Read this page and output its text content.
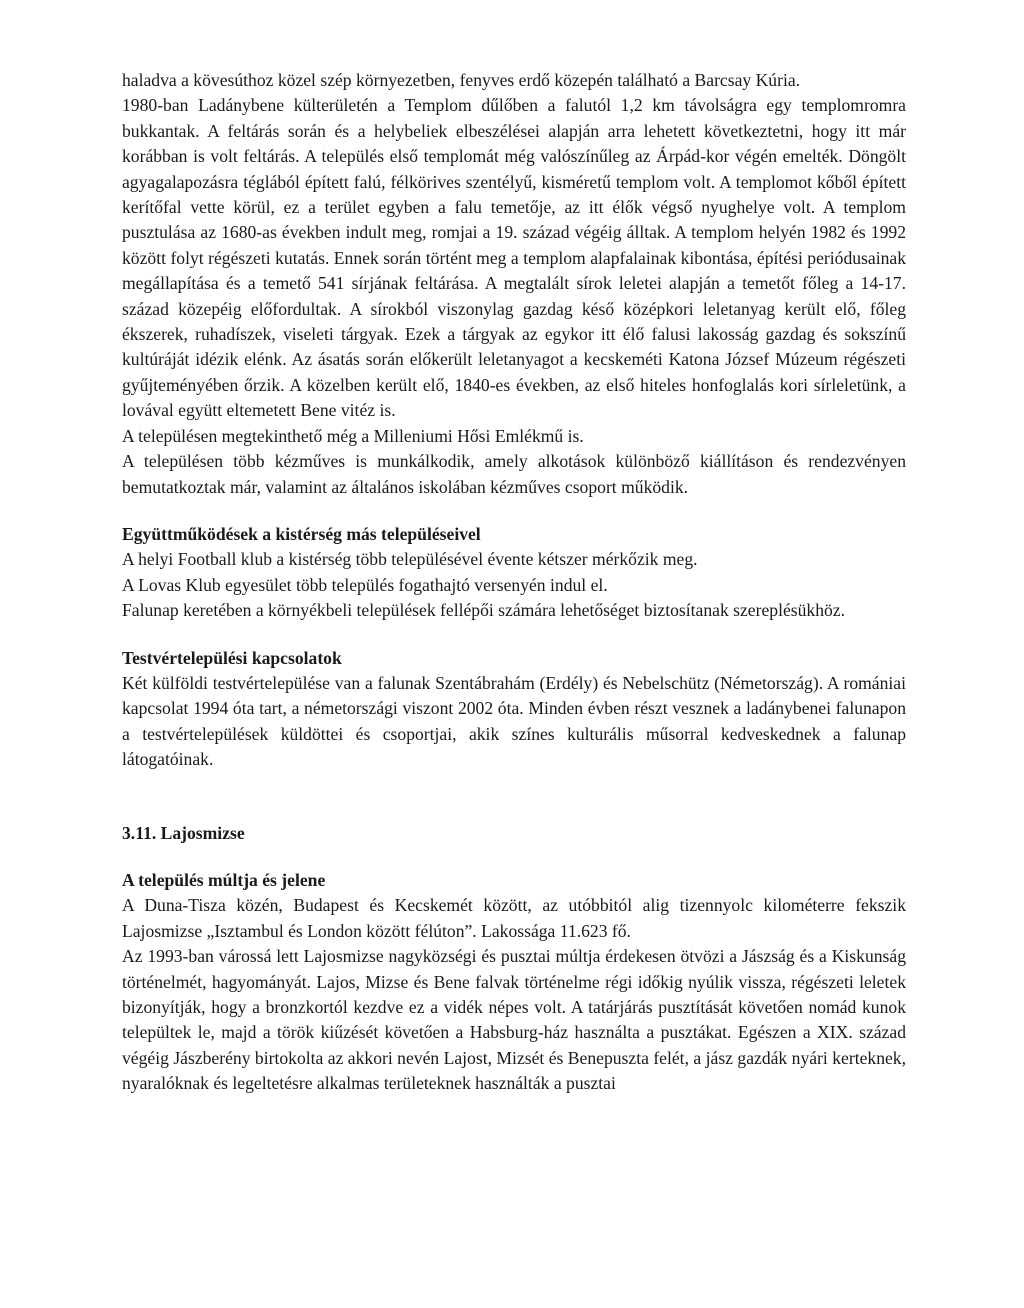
haladva a kövesúthoz közel szép környezetben, fenyves erdő közepén található a Barcsay Kúria.

1980-ban Ladánybene külterületén a Templom dűlőben a falutól 1,2 km távolságra egy templomromra bukkantak. A feltárás során és a helybeliek elbeszélései alapján arra lehetett következtetni, hogy itt már korábban is volt feltárás. A település első templomát még valószínűleg az Árpád-kor végén emelték. Döngölt agyagalapozásra téglából épített falú, félkörives szentélyű, kisméretű templom volt. A templomot kőből épített kerítőfal vette körül, ez a terület egyben a falu temetője, az itt élők végső nyughelye volt. A templom pusztulása az 1680-as években indult meg, romjai a 19. század végéig álltak. A templom helyén 1982 és 1992 között folyt régészeti kutatás. Ennek során történt meg a templom alapfalainak kibontása, építési periódusainak megállapítása és a temető 541 sírjának feltárása. A megtalált sírok leletei alapján a temetőt főleg a 14-17. század közepéig előfordultak. A sírokból viszonylag gazdag késő középkori leletanyag került elő, főleg ékszerek, ruhadíszek, viseleti tárgyak. Ezek a tárgyak az egykor itt élő falusi lakosság gazdag és sokszínű kultúráját idézik elénk. Az ásatás során előkerült leletanyagot a kecskeméti Katona József Múzeum régészeti gyűjteményében őrzik. A közelben került elő, 1840-es években, az első hiteles honfoglalás kori sírleletünk, a lovával együtt eltemetett Bene vitéz is.

A településen megtekinthető még a Milleniumi Hősi Emlékmű is.

A településen több kézműves is munkálkodik, amely alkotások különböző kiállításon és rendezvényen bemutatkoztak már, valamint az általános iskolában kézműves csoport működik.

Együttműködések a kistérség más településeivel

A helyi Football klub a kistérség több településével évente kétszer mérkőzik meg.

A Lovas Klub egyesület több település fogathajtó versenyén indul el.

Falunap keretében a környékbeli települések fellépői számára lehetőséget biztosítanak szereplésükhöz.

Testvértelepülési kapcsolatok

Két külföldi testvértelepülése van a falunak Szentábrahám (Erdély) és Nebelschütz (Németország). A romániai kapcsolat 1994 óta tart, a németországi viszont 2002 óta. Minden évben részt vesznek a ladánybenei falunapon a testvértelepülések küldöttei és csoportjai, akik színes kulturális műsorral kedveskednek a falunap látogatóinak.

3.11. Lajosmizse
A település múltja és jelene

A Duna-Tisza közén, Budapest és Kecskemét között, az utóbbitól alig tizennyolc kilométerre fekszik Lajosmizse „Isztambul és London között félúton”. Lakossága 11.623 fő.

Az 1993-ban várossá lett Lajosmizse nagyközségi és pusztai múltja érdekesen ötvözi a Jászság és a Kiskunság történelmét, hagyományát. Lajos, Mizse és Bene falvak történelme régi időkig nyúlik vissza, régészeti leletek bizonyítják, hogy a bronzkortól kezdve ez a vidék népes volt. A tatárjárás pusztítását követően nomád kunok települtek le, majd a török kiűzését követően a Habsburg-ház használta a pusztákat. Egészen a XIX. század végéig Jászberény birtokolta az akkori nevén Lajost, Mizsét és Benepuszta felét, a jász gazdák nyári kerteknek, nyaralóknak és legeltetésre alkalmas területeknek használták a pusztai
